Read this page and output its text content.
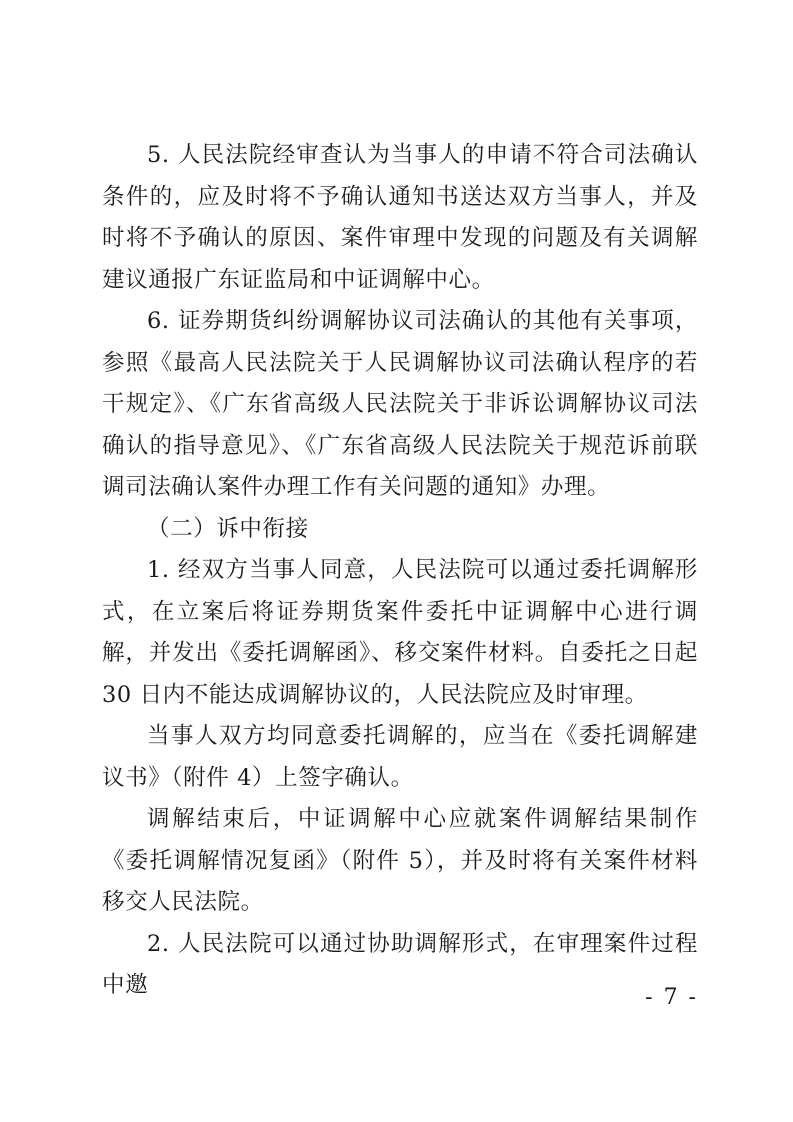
5. 人民法院经审查认为当事人的申请不符合司法确认条件的，应及时将不予确认通知书送达双方当事人，并及时将不予确认的原因、案件审理中发现的问题及有关调解建议通报广东证监局和中证调解中心。

6. 证券期货纠纷调解协议司法确认的其他有关事项，参照《最高人民法院关于人民调解协议司法确认程序的若干规定》、《广东省高级人民法院关于非诉讼调解协议司法确认的指导意见》、《广东省高级人民法院关于规范诉前联调司法确认案件办理工作有关问题的通知》办理。

（二）诉中衔接

1. 经双方当事人同意，人民法院可以通过委托调解形式，在立案后将证券期货案件委托中证调解中心进行调解，并发出《委托调解函》、移交案件材料。自委托之日起 30 日内不能达成调解协议的，人民法院应及时审理。

当事人双方均同意委托调解的，应当在《委托调解建议书》（附件 4）上签字确认。

调解结束后，中证调解中心应就案件调解结果制作《委托调解情况复函》（附件 5），并及时将有关案件材料移交人民法院。

2. 人民法院可以通过协助调解形式，在审理案件过程中邀	- 7 -
